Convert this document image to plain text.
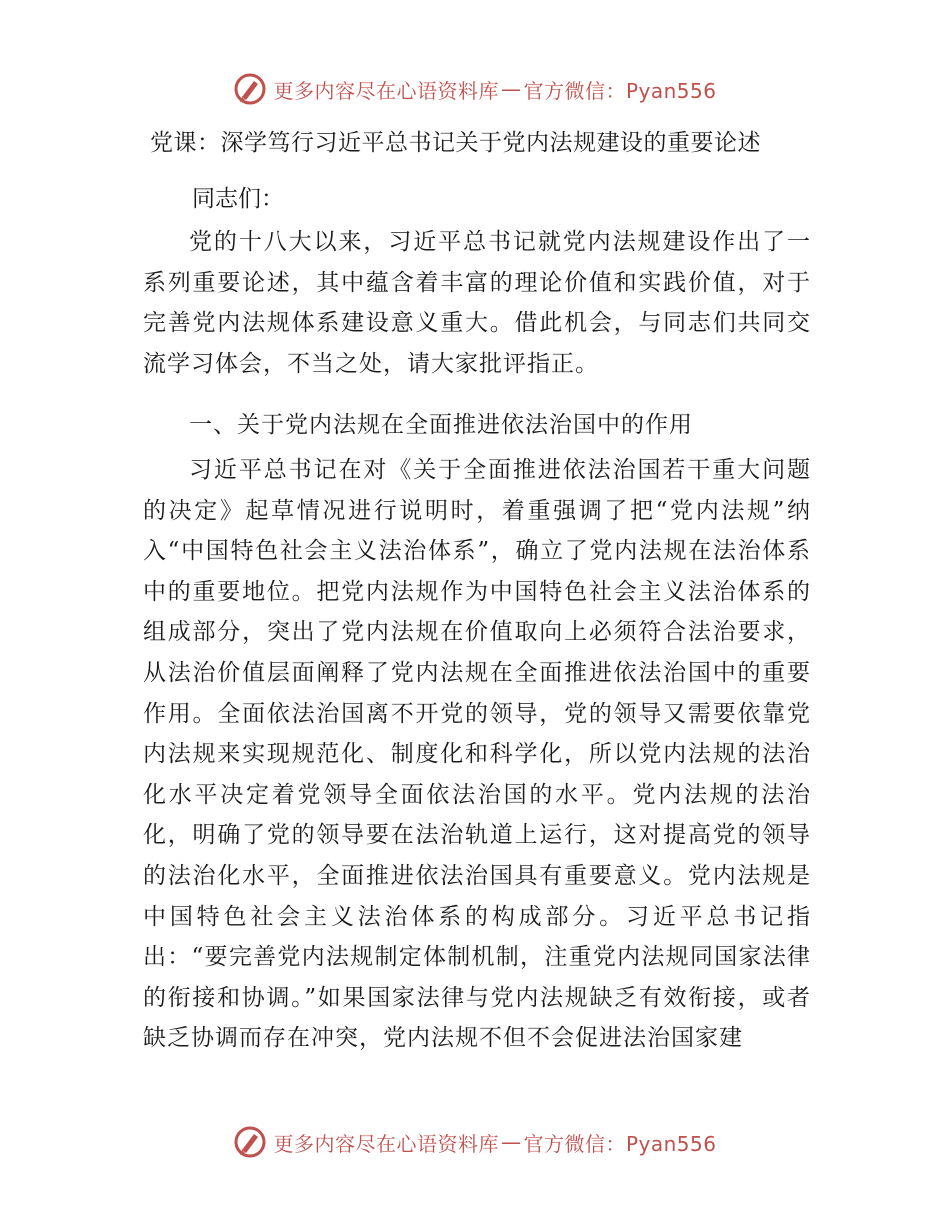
更多内容尽在心语资料库 — 官方微信：Pyan556
党课：深学笃行习近平总书记关于党内法规建设的重要论述
同志们：

党的十八大以来，习近平总书记就党内法规建设作出了一系列重要论述，其中蕴含着丰富的理论价值和实践价值，对于完善党内法规体系建设意义重大。借此机会，与同志们共同交流学习体会，不当之处，请大家批评指正。

一、关于党内法规在全面推进依法治国中的作用

习近平总书记在对《关于全面推进依法治国若干重大问题的决定》起草情况进行说明时，着重强调了把“党内法规”纳入“中国特色社会主义法治体系”，确立了党内法规在法治体系中的重要地位。把党内法规作为中国特色社会主义法治体系的组成部分，突出了党内法规在价值取向上必须符合法治要求，从法治价值层面阐释了党内法规在全面推进依法治国中的重要作用。全面依法治国离不开党的领导，党的领导又需要依靠党内法规来实现规范化、制度化和科学化，所以党内法规的法治化水平决定着党领导全面依法治国的水平。党内法规的法治化，明确了党的领导要在法治轨道上运行，这对提高党的领导的法治化水平，全面推进依法治国具有重要意义。党内法规是中国特色社会主义法治体系的构成部分。习近平总书记指出：“要完善党内法规制定体制机制，注重党内法规同国家法律的衔接和协调。”如果国家法律与党内法规缺乏有效衔接，或者缺乏协调而存在冲突，党内法规不但不会促进法治国家建

更多内容尽在心语资料库 — 官方微信：Pyan556
